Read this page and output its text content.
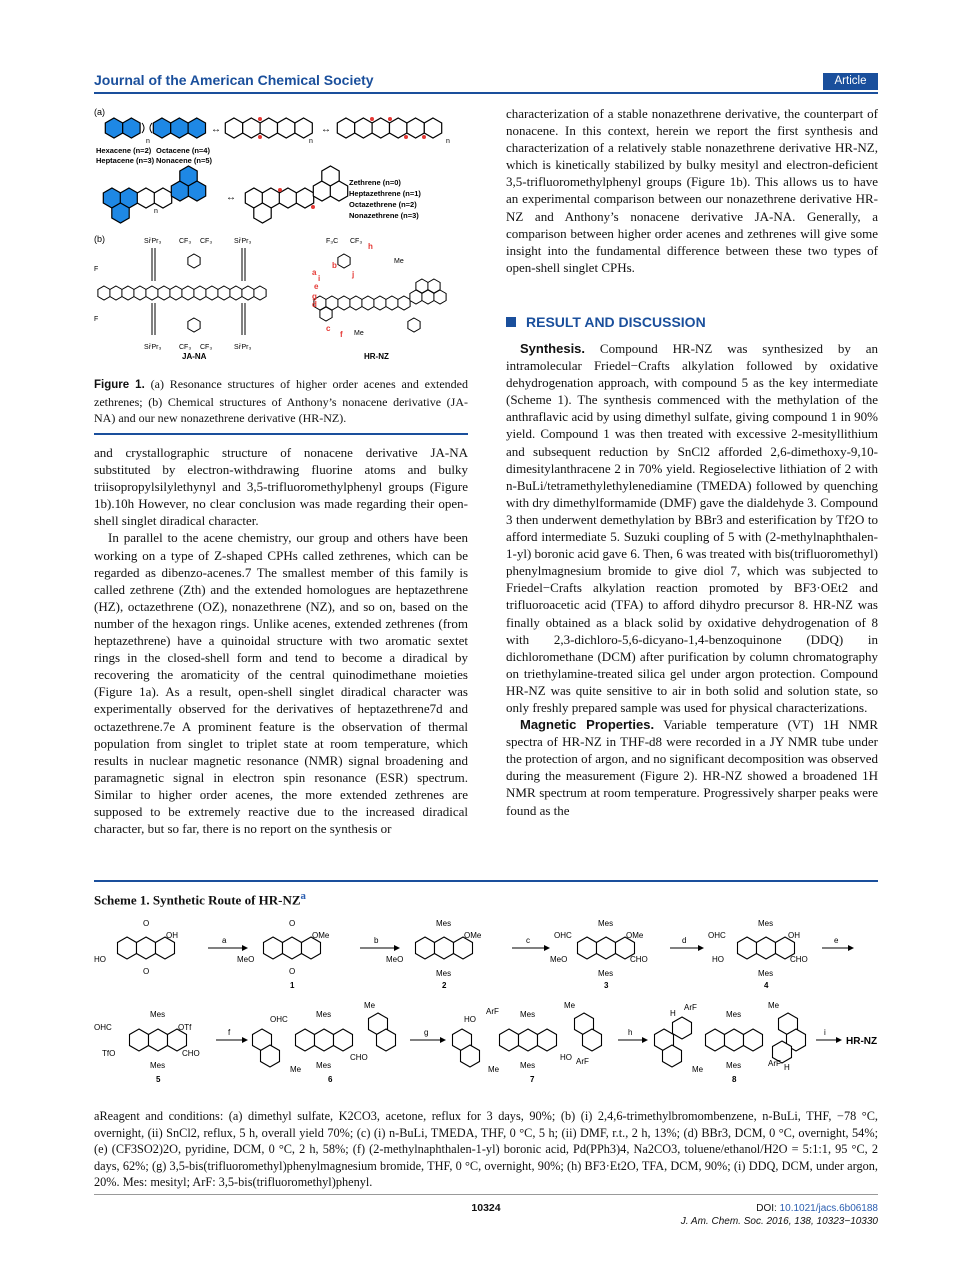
Journal of the American Chemical Society	Article
(a)
n
↔
n
↔
n
Hexacene (n=2) Octacene (n=4)
Heptacene (n=3) Nonacene (n=5)
n
↔
Zethrene (n=0)
Heptazethrene (n=1)
Octazethrene (n=2)
Nonazethrene (n=3)
(b)	SiⁱPr₃	CF₃ CF₃	SiⁱPr₃
F
F
SiⁱPr₃	CF₃ CF₃	SiⁱPr₃
JA-NA
F₃C CF₃
Me
Me
a
b
c
d
e
f
g
h
i	j
HR-NZ
Figure 1. (a) Resonance structures of higher order acenes and extended zethrenes; (b) Chemical structures of Anthony’s nonacene derivative (JA-NA) and our new nonazethrene derivative (HR-NZ).

and crystallographic structure of nonacene derivative JA-NA substituted by electron-withdrawing fluorine atoms and bulky triisopropylsilylethynyl and 3,5-trifluoromethylphenyl groups (Figure 1b).10h However, no clear conclusion was made regarding their open-shell singlet diradical character.

In parallel to the acene chemistry, our group and others have been working on a type of Z-shaped CPHs called zethrenes, which can be regarded as dibenzo-acenes.7 The smallest member of this family is called zethrene (Zth) and the extended homologues are heptazethrene (HZ), octazethrene (OZ), nonazethrene (NZ), and so on, based on the number of the hexagon rings. Unlike acenes, extended zethrenes (from heptazethrene) have a quinoidal structure with two aromatic sextet rings in the closed-shell form and tend to become a diradical by recovering the aromaticity of the central quinodimethane moieties (Figure 1a). As a result, open-shell singlet diradical character was experimentally observed for the derivatives of heptazethrene7d and octazethrene.7e A prominent feature is the observation of thermal population from singlet to triplet state at room temperature, which results in nuclear magnetic resonance (NMR) signal broadening and paramagnetic signal in electron spin resonance (ESR) spectrum. Similar to higher order acenes, the more extended zethrenes are supposed to be extremely reactive due to the increased diradical character, but so far, there is no report on the synthesis or

characterization of a stable nonazethrene derivative, the counterpart of nonacene. In this context, herein we report the first synthesis and characterization of a relatively stable nonazethrene derivative HR-NZ, which is kinetically stabilized by bulky mesityl and electron-deficient 3,5-trifluoromethylphenyl groups (Figure 1b). This allows us to have an experimental comparison between our nonazethrene derivative HR-NZ and Anthony’s nonacene derivative JA-NA. Generally, a comparison between higher order acenes and zethrenes will give some insight into the fundamental difference between these two types of open-shell singlet CPHs.

RESULT AND DISCUSSION

Synthesis. Compound HR-NZ was synthesized by an intramolecular Friedel−Crafts alkylation followed by oxidative dehydrogenation approach, with compound 5 as the key intermediate (Scheme 1). The synthesis commenced with the methylation of the anthraflavic acid by using dimethyl sulfate, giving compound 1 in 90% yield. Compound 1 was then treated with excessive 2-mesityllithium and subsequent reduction by SnCl2 afforded 2,6-dimethoxy-9,10-dimesitylanthracene 2 in 70% yield. Regioselective lithiation of 2 with n-BuLi/tetramethylethylenediamine (TMEDA) followed by quenching with dry dimethylformamide (DMF) gave the dialdehyde 3. Compound 3 then underwent demethylation by BBr3 and esterification by Tf2O to afford intermediate 5. Suzuki coupling of 5 with (2-methylnaphthalen-1-yl) boronic acid gave 6. Then, 6 was treated with bis(trifluoromethyl) phenylmagnesium bromide to give diol 7, which was subjected to Friedel−Crafts alkylation reaction promoted by BF3·OEt2 and trifluoroacetic acid (TFA) to afford dihydro precursor 8. HR-NZ was finally obtained as a black solid by oxidative dehydrogenation of 8 with 2,3-dichloro-5,6-dicyano-1,4-benzoquinone (DDQ) in dichloromethane (DCM) after purification by column chromatography on triethylamine-treated silica gel under argon protection. Compound HR-NZ was quite sensitive to air in both solid and solution state, so only freshly prepared sample was used for physical characterizations.

Magnetic Properties. Variable temperature (VT) 1H NMR spectra of HR-NZ in THF-d8 were recorded in a JY NMR tube under the protection of argon, and no significant decomposition was observed during the measurement (Figure 2). HR-NZ showed a broadened 1H NMR spectrum at room temperature. Progressively sharper peaks were found as the

Scheme 1. Synthetic Route of $HR-NZ^a$
O
O
OH
HO
a
O
O
OMe
MeO
1
b
Mes
Mes
OMe
MeO
2
c
Mes
Mes
OMe
MeO
OHC
CHO
3
d
Mes
Mes
OH
HO
OHC
CHO
4
e
Mes
Mes
OTf
TfO
OHC
CHO
5
f
Mes
Mes
OHC
CHO
Me
Me
6
g
Mes
Mes
HO
ArF
HO ArF
Me
Me
7
h
Mes
Mes
H
ArF
ArF H
Me
Me
8
i
HR-NZ
aReagent and conditions: (a) dimethyl sulfate, K2CO3, acetone, reflux for 3 days, 90%; (b) (i) 2,4,6-trimethylbromombenzene, n-BuLi, THF, −78 °C, overnight, (ii) SnCl2, reflux, 5 h, overall yield 70%; (c) (i) n-BuLi, TMEDA, THF, 0 °C, 5 h; (ii) DMF, r.t., 2 h, 13%; (d) BBr3, DCM, 0 °C, overnight, 54%; (e) (CF3SO2)2O, pyridine, DCM, 0 °C, 2 h, 58%; (f) (2-methylnaphthalen-1-yl) boronic acid, Pd(PPh3)4, Na2CO3, toluene/ethanol/H2O = 5:1:1, 95 °C, 2 days, 62%; (g) 3,5-bis(trifluoromethyl)phenylmagnesium bromide, THF, 0 °C, overnight, 90%; (h) BF3·Et2O, TFA, DCM, 90%; (i) DDQ, DCM, under argon, 20%. Mes: mesityl; ArF: 3,5-bis(trifluoromethyl)phenyl.
10324	DOI: 10.1021/jacs.6b06188
J. Am. Chem. Soc. 2016, 138, 10323−10330
